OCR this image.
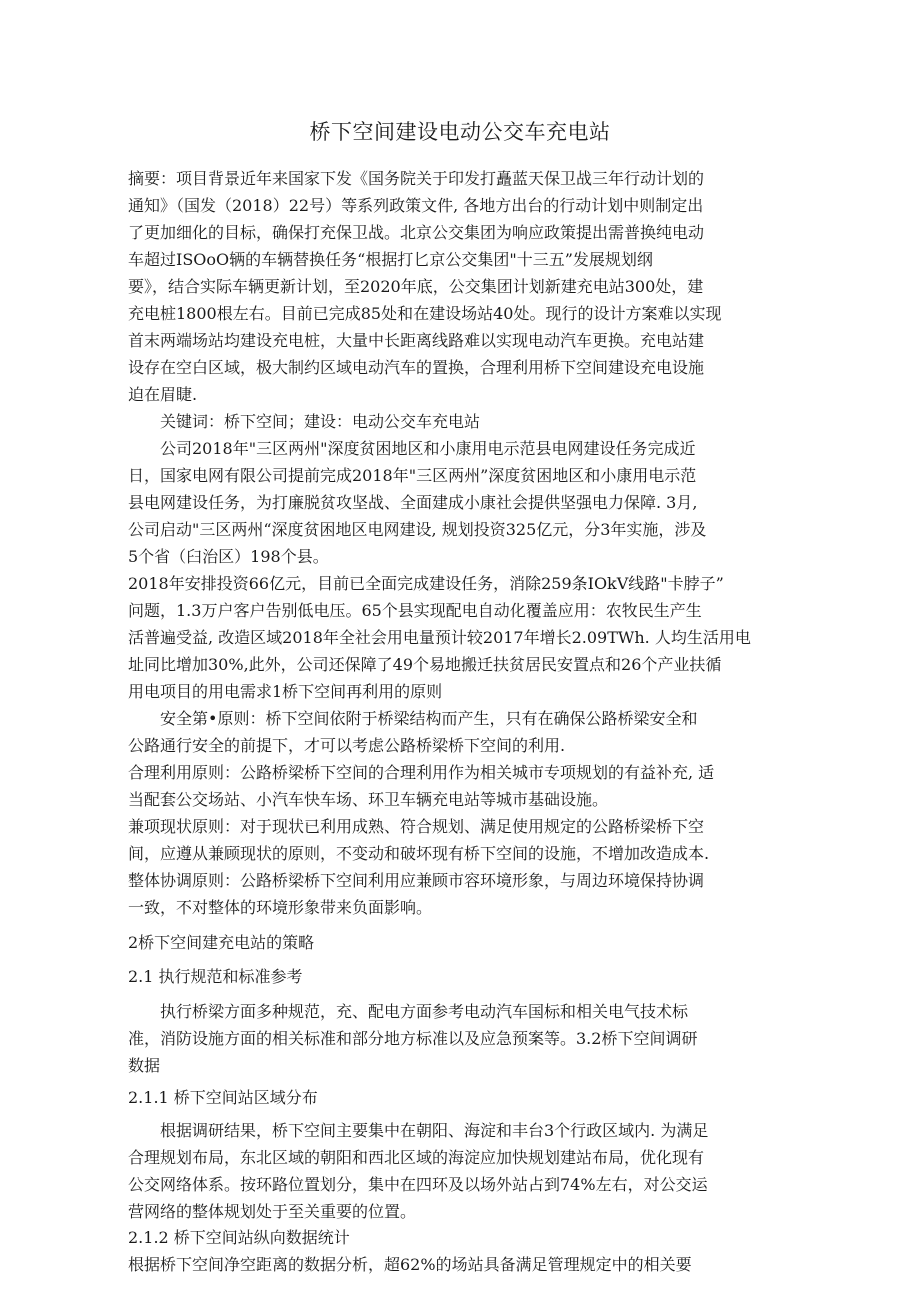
桥下空间建设电动公交车充电站

摘要：项目背景近年来国家下发《国务院关于印发打矗蓝天保卫战三年行动计划的

通知》（国发（2018）22号）等系列政策文件, 各地方出台的行动计划中则制定出

了更加细化的目标，确保打充保卫战。北京公交集团为响应政策提出需普换纯电动

车超过ISOoO辆的车辆替换任务“根据打匕京公交集团"十三五”发展规划纲

要》，结合实际车辆更新计划，至2020年底，公交集团计划新建充电站300处，建

充电桩1800根左右。目前已完成85处和在建设场站40处。现行的设计方案难以实现

首末两端场站均建设充电桩，大量中长距离线路难以实现电动汽车更换。充电站建

设存在空白区域，极大制约区域电动汽车的置换，合理利用桥下空间建设充电设施

迫在眉睫.

关键词：桥下空间；建设：电动公交车充电站

公司2018年"三区两州"深度贫困地区和小康用电示范县电网建设任务完成近

日，国家电网有限公司提前完成2018年"三区两州”深度贫困地区和小康用电示范

县电网建设任务，为打廉脱贫攻坚战、全面建成小康社会提供坚强电力保障. 3月,

公司启动"三区两州“深度贫困地区电网建设, 规划投资325亿元，分3年实施，涉及

5个省（臼治区）198个县。

2018年安排投资66亿元，目前已全面完成建设任务，消除259条IOkV线路"卡脖子”

问题，1.3万户客户告别低电压。65个县实现配电自动化覆盖应用：农牧民生产生

活普遍受益, 改造区域2018年全社会用电量预计较2017年增长2.09TWh. 人均生活用电

址同比增加30%,此外，公司还保障了49个易地搬迁扶贫居民安置点和26个产业扶循

用电项目的用电需求1桥下空间再利用的原则

安全第•原则：桥下空间依附于桥梁结构而产生，只有在确保公路桥梁安全和

公路通行安全的前提下，才可以考虑公路桥梁桥下空间的利用.

合理利用原则：公路桥梁桥下空间的合理利用作为相关城市专项规划的有益补充, 适

当配套公交场站、小汽车快车场、环卫车辆充电站等城市基础设施。

兼项现状原则：对于现状已利用成熟、符合规划、满足使用规定的公路桥梁桥下空

间，应遵从兼顾现状的原则，不变动和破坏现有桥下空间的设施，不增加改造成本.

整体协调原则：公路桥梁桥下空间利用应兼顾市容环境形象，与周边环境保持协调

一致，不对整体的环境形象带来负面影响。

2桥下空间建充电站的策略

2.1 执行规范和标准参考

执行桥梁方面多种规范，充、配电方面参考电动汽车国标和相关电气技术标

准，消防设施方面的相关标准和部分地方标准以及应急预案等。3.2桥下空间调研

数据

2.1.1 桥下空间站区域分布

根据调研结果，桥下空间主要集中在朝阳、海淀和丰台3个行政区域内. 为满足

合理规划布局，东北区域的朝阳和西北区域的海淀应加快规划建站布局，优化现有

公交网络体系。按环路位置划分，集中在四环及以场外站占到74%左右，对公交运

营网络的整体规划处于至关重要的位置。

2.1.2 桥下空间站纵向数据统计

根据桥下空间净空距离的数据分析，超62%的场站具备满足管理规定中的相关要
